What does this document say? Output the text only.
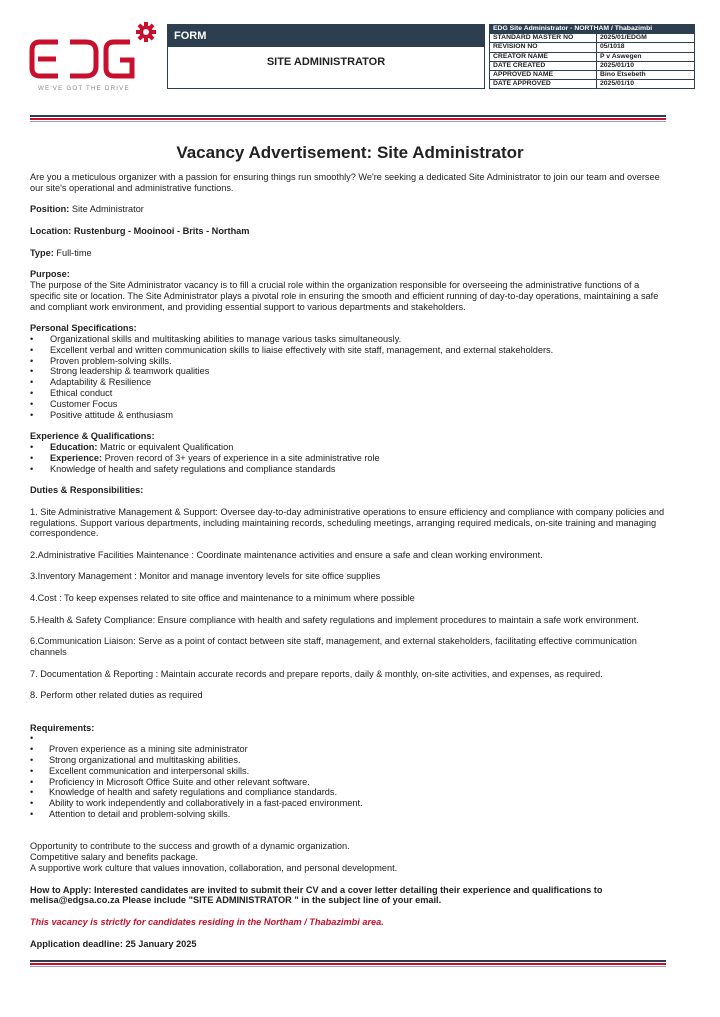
WE'VE GOT THE DRIVE
FORM
SITE ADMINISTRATOR
EDG Site Administrator - NORTHAM / Thabazimbi	
STANDARD MASTER NO	2025/01/EDGM
REVISION NO	05/1018
CREATOR NAME	P v Aswegen
DATE CREATED	2025/01/10
APPROVED NAME	Bino Etsebeth
DATE APPROVED	2025/01/10
Vacancy Advertisement: Site Administrator

Are you a meticulous organizer with a passion for ensuring things run smoothly? We're seeking a dedicated Site Administrator to join our team and oversee our site's operational and administrative functions.

Position: Site Administrator

Location: Rustenburg - Mooinooi - Brits - Northam

Type: Full-time

Purpose:

The purpose of the Site Administrator vacancy is to fill a crucial role within the organization responsible for overseeing the administrative functions of a specific site or location. The Site Administrator plays a pivotal role in ensuring the smooth and efficient running of day-to-day operations, maintaining a safe and compliant work environment, and providing essential support to various departments and stakeholders.

Personal Specifications:

• Organizational skills and multitasking abilities to manage various tasks simultaneously.
• Excellent verbal and written communication skills to liaise effectively with site staff, management, and external stakeholders.
• Proven problem-solving skills.
• Strong leadership & teamwork qualities
• Adaptability & Resilience
• Ethical conduct
• Customer Focus
• Positive attitude & enthusiasm

Experience & Qualifications:

• Education: Matric or equivalent Qualification
• Experience: Proven record of 3+ years of experience in a site administrative role
• Knowledge of health and safety regulations and compliance standards

Duties & Responsibilities:

1. Site Administrative Management & Support: Oversee day-to-day administrative operations to ensure efficiency and compliance with company policies and regulations. Support various departments, including maintaining records, scheduling meetings, arranging required medicals, on-site training and managing correspondence.

2.Administrative Facilities Maintenance : Coordinate maintenance activities and ensure a safe and clean working environment.

3.Inventory Management : Monitor and manage inventory levels for site office supplies

4.Cost : To keep expenses related to site office and maintenance to a minimum where possible

5.Health & Safety Compliance: Ensure compliance with health and safety regulations and implement procedures to maintain a safe work environment.

6.Communication Liaison: Serve as a point of contact between site staff, management, and external stakeholders, facilitating effective communication channels

7. Documentation & Reporting : Maintain accurate records and prepare reports, daily & monthly, on-site activities, and expenses, as required.

8. Perform other related duties as required

Requirements:

•
• Proven experience as a mining site administrator
• Strong organizational and multitasking abilities.
• Excellent communication and interpersonal skills.
• Proficiency in Microsoft Office Suite and other relevant software.
• Knowledge of health and safety regulations and compliance standards.
• Ability to work independently and collaboratively in a fast-paced environment.
• Attention to detail and problem-solving skills.

Opportunity to contribute to the success and growth of a dynamic organization.

Competitive salary and benefits package.

A supportive work culture that values innovation, collaboration, and personal development.

How to Apply: Interested candidates are invited to submit their CV and a cover letter detailing their experience and qualifications to melisa@edgsa.co.za Please include "SITE ADMINISTRATOR " in the subject line of your email.

This vacancy is strictly for candidates residing in the Northam / Thabazimbi area.

Application deadline: 25 January 2025
